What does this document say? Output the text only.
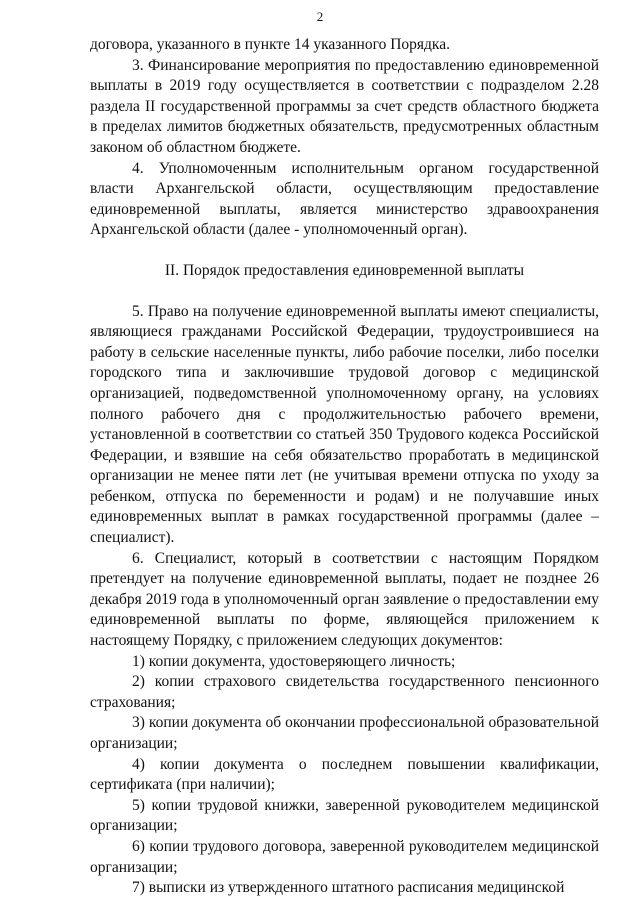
2

договора, указанного в пункте 14 указанного Порядка.

3. Финансирование мероприятия по предоставлению единовременной выплаты в 2019 году осуществляется в соответствии с подразделом 2.28 раздела II государственной программы за счет средств областного бюджета в пределах лимитов бюджетных обязательств, предусмотренных областным законом об областном бюджете.

4. Уполномоченным исполнительным органом государственной власти Архангельской области, осуществляющим предоставление единовременной выплаты, является министерство здравоохранения Архангельской области (далее - уполномоченный орган).

II. Порядок предоставления единовременной выплаты

5. Право на получение единовременной выплаты имеют специалисты, являющиеся гражданами Российской Федерации, трудоустроившиеся на работу в сельские населенные пункты, либо рабочие поселки, либо поселки городского типа и заключившие трудовой договор с медицинской организацией, подведомственной уполномоченному органу, на условиях полного рабочего дня с продолжительностью рабочего времени, установленной в соответствии со статьей 350 Трудового кодекса Российской Федерации, и взявшие на себя обязательство проработать в медицинской организации не менее пяти лет (не учитывая времени отпуска по уходу за ребенком, отпуска по беременности и родам) и не получавшие иных единовременных выплат в рамках государственной программы (далее – специалист).

6. Специалист, который в соответствии с настоящим Порядком претендует на получение единовременной выплаты, подает не позднее 26 декабря 2019 года в уполномоченный орган заявление о предоставлении ему единовременной выплаты по форме, являющейся приложением к настоящему Порядку, с приложением следующих документов:

1) копии документа, удостоверяющего личность;

2) копии страхового свидетельства государственного пенсионного страхования;

3) копии документа об окончании профессиональной образовательной организации;

4) копии документа о последнем повышении квалификации, сертификата (при наличии);

5) копии трудовой книжки, заверенной руководителем медицинской организации;

6) копии трудового договора, заверенной руководителем медицинской организации;

7) выписки из утвержденного штатного расписания медицинской
